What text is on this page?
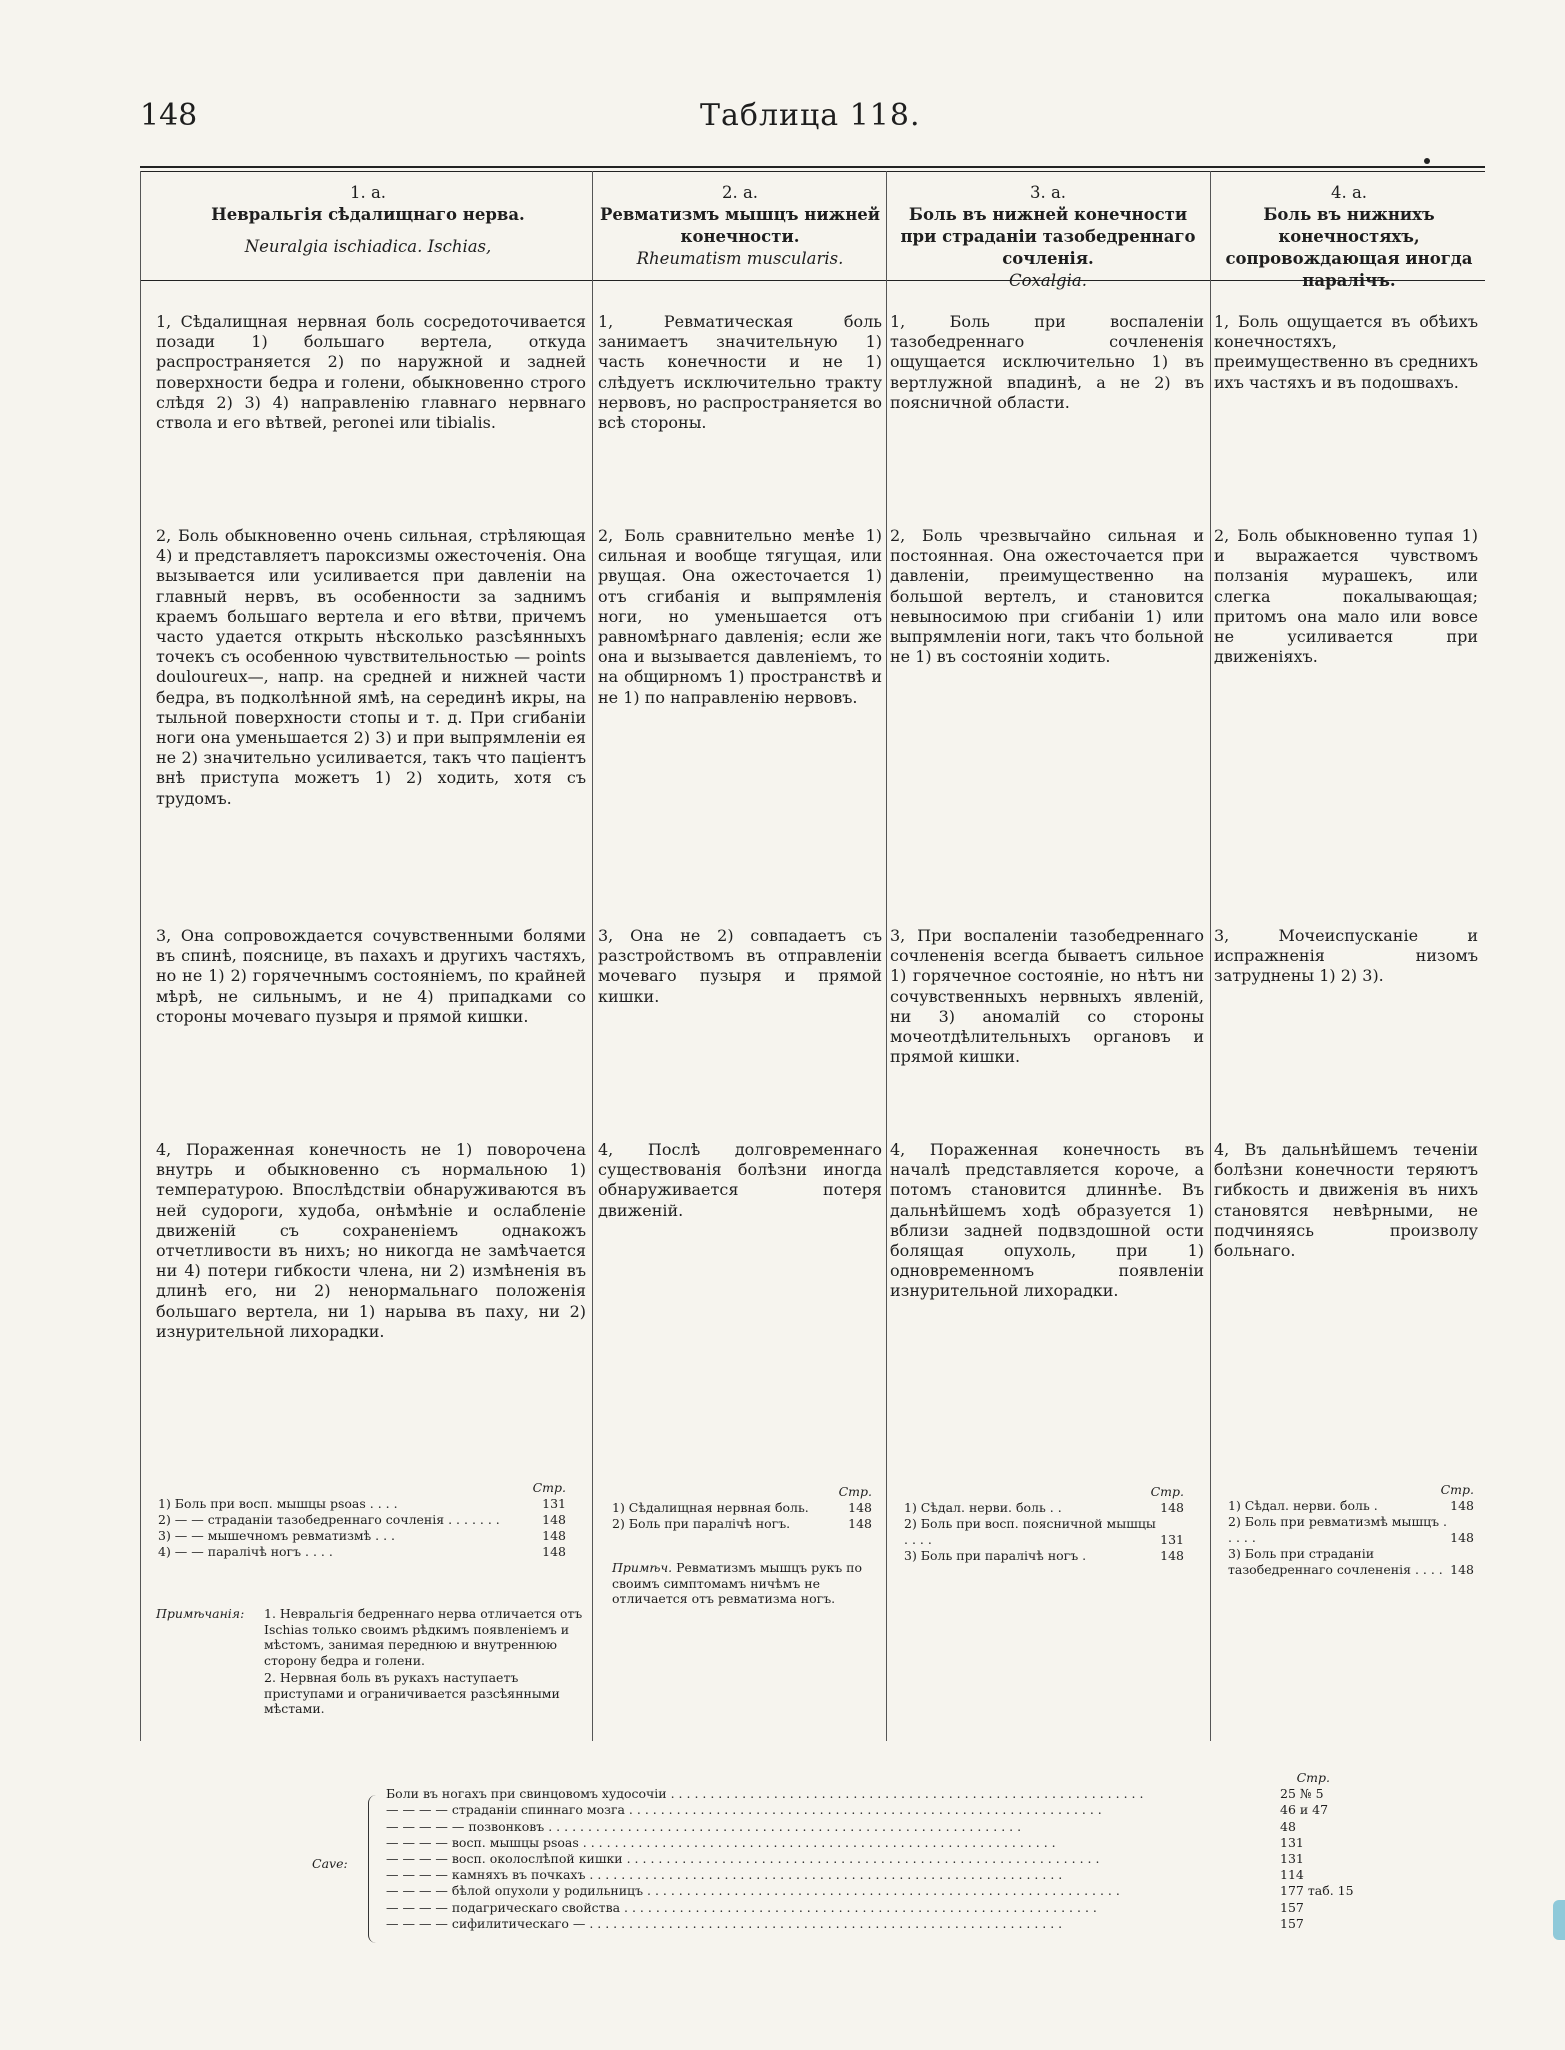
148	Таблица 118.
1. a.
Невральгія сѣдалищнаго нерва.
Neuralgia ischiadica. Ischias,
2. a.
Ревматизмъ мышцъ нижней конечности.
Rheumatism muscularis.
3. a.
Боль въ нижней конечности при страданіи тазобедреннаго сочленія.
Coxalgia.
4. a.
Боль въ нижнихъ конечностяхъ, сопровождающая иногда паралічъ.
1, Сѣдалищная нервная боль сосредоточивается позади 1) большаго вертела, откуда распространяется 2) по наружной и задней поверхности бедра и голени, обыкновенно строго слѣдя 2) 3) 4) направленію главнаго нервнаго ствола и его вѣтвей, peronei или tibialis.
1, Ревматическая боль занимаетъ значительную 1) часть конечности и не 1) слѣдуетъ исключительно тракту нервовъ, но распространяется во всѣ стороны.
1, Боль при воспаленіи тазобедреннаго сочлененія ощущается исключительно 1) въ вертлужной впадинѣ, а не 2) въ поясничной области.
1, Боль ощущается въ обѣихъ конечностяхъ, преимущественно въ среднихъ ихъ частяхъ и въ подошвахъ.
2, Боль обыкновенно очень сильная, стрѣляющая 4) и представляетъ пароксизмы ожесточенія. Она вызывается или усиливается при давленіи на главный нервъ, въ особенности за заднимъ краемъ большаго вертела и его вѣтви, причемъ часто удается открыть нѣсколько разсѣянныхъ точекъ съ особенною чувствительностью — points douloureux—, напр. на средней и нижней части бедра, въ подколѣнной ямѣ, на серединѣ икры, на тыльной поверхности стопы и т. д. При сгибаніи ноги она уменьшается 2) 3) и при выпрямленіи ея не 2) значительно усиливается, такъ что паціентъ внѣ приступа можетъ 1) 2) ходить, хотя съ трудомъ.
2, Боль сравнительно менѣе 1) сильная и вообще тягущая, или рвущая. Она ожесточается 1) отъ сгибанія и выпрямленія ноги, но уменьшается отъ равномѣрнаго давленія; если же она и вызывается давленіемъ, то на общирномъ 1) пространствѣ и не 1) по направленію нервовъ.
2, Боль чрезвычайно сильная и постоянная. Она ожесточается при давленіи, преимущественно на большой вертелъ, и становится невыносимою при сгибаніи 1) или выпрямленіи ноги, такъ что больной не 1) въ состояніи ходить.
2, Боль обыкновенно тупая 1) и выражается чувствомъ ползанія мурашекъ, или слегка покалывающая; притомъ она мало или вовсе не усиливается при движеніяхъ.
3, Она сопровождается сочувственными болями въ спинѣ, пояснице, въ пахахъ и другихъ частяхъ, но не 1) 2) горячечнымъ состояніемъ, по крайней мѣрѣ, не сильнымъ, и не 4) припадками со стороны мочеваго пузыря и прямой кишки.
3, Она не 2) совпадаетъ съ разстройствомъ въ отправленіи мочеваго пузыря и прямой кишки.
3, При воспаленіи тазобедреннаго сочлененія всегда бываетъ сильное 1) горячечное состояніе, но нѣтъ ни сочувственныхъ нервныхъ явленій, ни 3) аномалій со стороны мочеотдѣлительныхъ органовъ и прямой кишки.
3, Мочеиспусканіе и испражненія низомъ затруднены 1) 2) 3).
4, Пораженная конечность не 1) поворочена внутрь и обыкновенно съ нормальною 1) температурою. Впослѣдствіи обнаруживаются въ ней судороги, худоба, онѣмѣніе и ослабленіе движеній съ сохраненіемъ однакожъ отчетливости въ нихъ; но никогда не замѣчается ни 4) потери гибкости члена, ни 2) измѣненія въ длинѣ его, ни 2) ненормальнаго положенія большаго вертела, ни 1) нарыва въ паху, ни 2) изнурительной лихорадки.
4, Послѣ долговременнаго существованія болѣзни иногда обнаруживается потеря движеній.
4, Пораженная конечность въ началѣ представляется короче, а потомъ становится длиннѣе. Въ дальнѣйшемъ ходѣ образуется 1) вблизи задней подвздошной ости болящая опухоль, при 1) одновременномъ появленіи изнурительной лихорадки.
4, Въ дальнѣйшемъ теченіи болѣзни конечности теряютъ гибкость и движенія въ нихъ становятся невѣрными, не подчиняясь произволу больнаго.
Стр.
1) Боль при восп. мышцы psoas . . . .	131
2) — — страданіи тазобедреннаго сочленія . . . . . . .	148
3) — — мышечномъ ревматизмѣ . . .	148
4) — — паралічѣ ногъ . . . .	148
Стр.
1) Сѣдалищная нервная боль.	148
2) Боль при паралічѣ ногъ.	148
Стр.
1) Сѣдал. нерви. боль . .	148
2) Боль при восп. поясничной мышцы . . . .	131
3) Боль при паралічѣ ногъ .	148
Стр.
1) Сѣдал. нерви. боль .	148
2) Боль при ревматизмѣ мышцъ . . . . .	148
3) Боль при страданіи тазобедреннаго сочлененія . . . . 148
Примѣчанія:	1. Невральгія бедреннаго нерва отличается отъ Ischias только своимъ рѣдкимъ появленіемъ и мѣстомъ, занимая переднюю и внутреннюю сторону бедра и голени.
2. Нервная боль въ рукахъ наступаетъ приступами и ограничивается разсѣянными мѣстами.
Примѣч. Ревматизмъ мышцъ рукъ по своимъ симптомамъ ничѣмъ не отличается отъ ревматизма ногъ.
Cave:
Стр.
Боли въ ногахъ при свинцовомъ худосочіи . . .	25 № 5
— — — — страданіи спиннаго мозга . . .	46 и 47
— — — — — позвонковъ . . .	48
— — — — восп. мышцы psoas . . .	131
— — — — восп. околослѣпой кишки . . .	131
— — — — камняхъ въ почкахъ . . .	114
— — — — бѣлой опухоли у родильницъ . . .	177 таб. 15
— — — — подагрическаго свойства . . .	157
— — — — сифилитическаго — . . .	157
